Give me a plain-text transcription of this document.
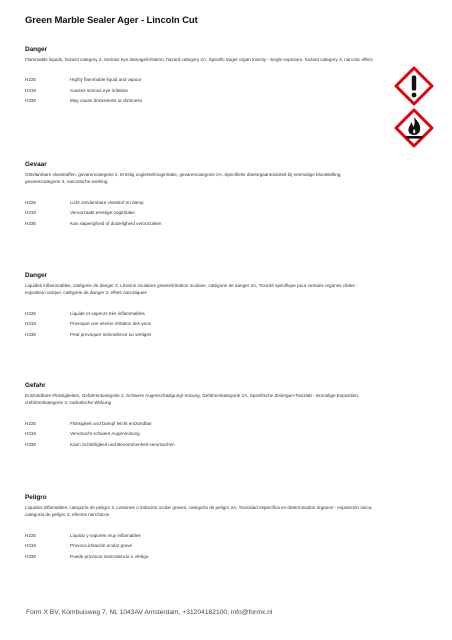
Green Marble Sealer Ager - Lincoln Cut
Danger

Flammable liquids, hazard category 2, Serious eye damage/irritation, hazard category 2A, Specific target organ toxicity - single exposure, hazard category 3, narcotic effect

H225	Highly flammable liquid and vapour
H319	Causes serious eye irritation
H336	May cause drowsiness or dizziness
Gevaar

Ontvlambare vloeistoffen, gevarencategorie 2, Ernstig oogletsel/oogirritatie, gevarencategorie 2A, Specifieke doelorgaantoxiciteit bij eenmalige blootstelling, gevarencategorie 3, narcotische werking

H225	Licht ontvlambare vloeistof en damp
H319	Veroorzaakt ernstige oogirritatie
H336	Kan slaperigheid of duizeligheid veroorzaken
Danger

Liquides inflammables, catégorie de danger 2, Lésions oculaires graves/irritation oculaire, catégorie de danger 2A, Toxicité spécifique pour certains organes cibles - exposition unique, catégorie de danger 3, effets narcotiques

H225	Liquide et vapeurs très inflammables
H319	Provoque une sévère irritation des yeux
H336	Peut provoquer somnolence ou vertiges
Gefahr

Entzündbare Flüssigkeiten, Gefahrenkategorie 2, Schwere Augenschädigung/-reizung, Gefahrenkategorie 2A, Spezifische Zielorgan-Toxizität - einmalige Exposition, Gefahrenkategorie 3, narkotische Wirkung

H225	Flüssigkeit und Dampf leicht entzündbar
H319	Verursacht schwere Augenreizung
H336	Kann Schläfrigkeit und Benommenheit verursachen
Peligro

Líquidos inflamables, categoría de peligro 2, Lesiones o irritación ocular graves, categoría de peligro 2A, Toxicidad específica en determinados órganos - exposición única, categoría de peligro 3, efectos narcóticos

H225	Líquido y vapores muy inflamables
H319	Provoca irritación ocular grave
H336	Puede provocar somnolencia o vértigo
Form X BV, Kombuisweg 7, NL 1043AV Amsterdam, +31204182100, info@formx.nl
